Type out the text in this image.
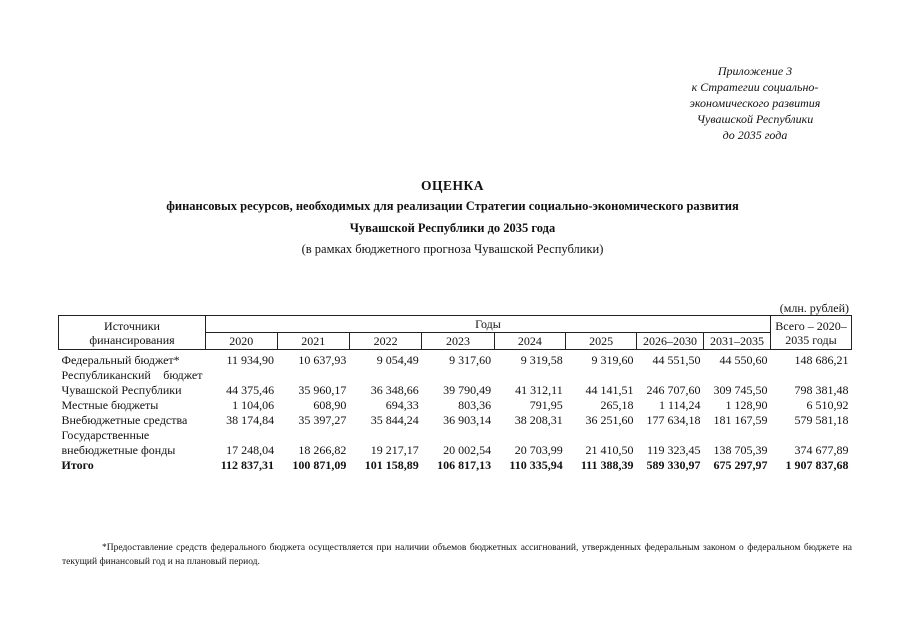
Приложение 3
к Стратегии социально-
экономического развития
Чувашской Республики
до 2035 года
ОЦЕНКА
финансовых ресурсов, необходимых для реализации Стратегии социально-экономического развития
Чувашской Республики до 2035 года
(в рамках бюджетного прогноза Чувашской Республики)
(млн. рублей)
Источники финансирования	Годы								Всего – 2020–2035 годы
	2020	2021	2022	2023	2024	2025	2026–2030	2031–2035	
Федеральный бюджет*	11 934,90	10 637,93	9 054,49	9 317,60	9 319,58	9 319,60	44 551,50	44 550,60	148 686,21
Республиканский бюджет Чувашской Республики	44 375,46	35 960,17	36 348,66	39 790,49	41 312,11	44 141,51	246 707,60	309 745,50	798 381,48
Местные бюджеты	1 104,06	608,90	694,33	803,36	791,95	265,18	1 114,24	1 128,90	6 510,92
Внебюджетные средства	38 174,84	35 397,27	35 844,24	36 903,14	38 208,31	36 251,60	177 634,18	181 167,59	579 581,18
Государственные внебюджетные фонды	17 248,04	18 266,82	19 217,17	20 002,54	20 703,99	21 410,50	119 323,45	138 705,39	374 677,89
Итого	112 837,31	100 871,09	101 158,89	106 817,13	110 335,94	111 388,39	589 330,97	675 297,97	1 907 837,68
*Предоставление средств федерального бюджета осуществляется при наличии объемов бюджетных ассигнований, утвержденных федеральным законом о федеральном бюджете на текущий финансовый год и на плановый период.
